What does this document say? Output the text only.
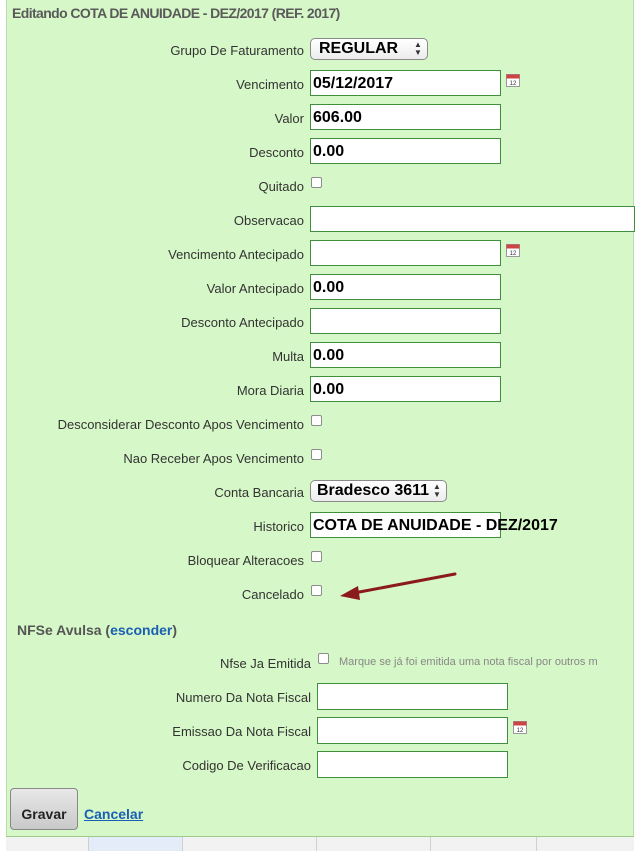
Editando COTA DE ANUIDADE - DEZ/2017 (REF. 2017)
Grupo De Faturamento REGULAR ▲
▼
Vencimento 05/12/2017	12
Valor 606.00
Desconto 0.00
Quitado
Observacao
Vencimento Antecipado	12
Valor Antecipado 0.00
Desconto Antecipado
Multa 0.00
Mora Diaria 0.00
Desconsiderar Desconto Apos Vencimento
Nao Receber Apos Vencimento
Conta Bancaria Bradesco 3611 ▲
▼
Historico COTA DE ANUIDADE - DEZ/2017
Bloquear Alteracoes
Cancelado
NFSe Avulsa (esconder)
Nfse Ja Emitida	Marque se já foi emitida uma nota fiscal por outros m
Numero Da Nota Fiscal
Emissao Da Nota Fiscal	12
Codigo De Verificacao
Gravar	Cancelar
